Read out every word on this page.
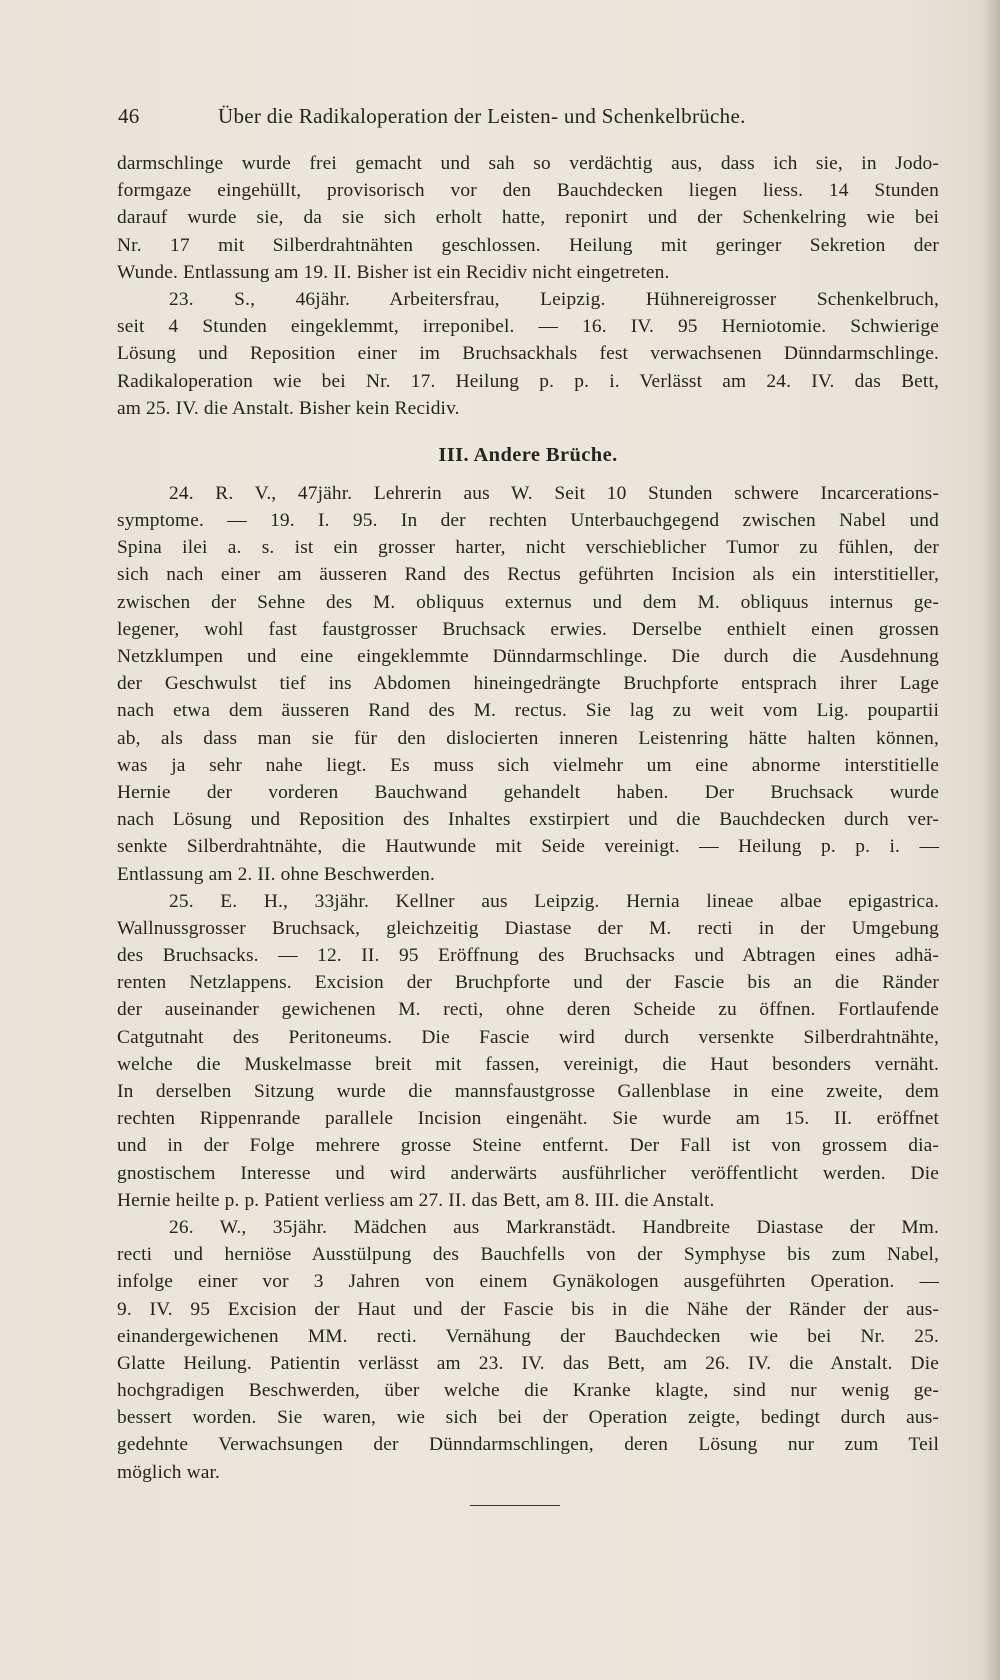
46	Über die Radikaloperation der Leisten- und Schenkelbrüche.
darmschlinge wurde frei gemacht und sah so verdächtig aus, dass ich sie, in Jodo-
formgaze eingehüllt, provisorisch vor den Bauchdecken liegen liess. 14 Stunden
darauf wurde sie, da sie sich erholt hatte, reponirt und der Schenkelring wie bei
Nr. 17 mit Silberdrahtnähten geschlossen. Heilung mit geringer Sekretion der
Wunde. Entlassung am 19. II. Bisher ist ein Recidiv nicht eingetreten.
23. S., 46jähr. Arbeitersfrau, Leipzig. Hühnereigrosser Schenkelbruch,
seit 4 Stunden eingeklemmt, irreponibel. — 16. IV. 95 Herniotomie. Schwierige
Lösung und Reposition einer im Bruchsackhals fest verwachsenen Dünndarmschlinge.
Radikaloperation wie bei Nr. 17. Heilung p. p. i. Verlässt am 24. IV. das Bett,
am 25. IV. die Anstalt. Bisher kein Recidiv.
III. Andere Brüche.
24. R. V., 47jähr. Lehrerin aus W. Seit 10 Stunden schwere Incarcerations-
symptome. — 19. I. 95. In der rechten Unterbauchgegend zwischen Nabel und
Spina ilei a. s. ist ein grosser harter, nicht verschieblicher Tumor zu fühlen, der
sich nach einer am äusseren Rand des Rectus geführten Incision als ein interstitieller,
zwischen der Sehne des M. obliquus externus und dem M. obliquus internus ge-
legener, wohl fast faustgrosser Bruchsack erwies. Derselbe enthielt einen grossen
Netzklumpen und eine eingeklemmte Dünndarmschlinge. Die durch die Ausdehnung
der Geschwulst tief ins Abdomen hineingedrängte Bruchpforte entsprach ihrer Lage
nach etwa dem äusseren Rand des M. rectus. Sie lag zu weit vom Lig. poupartii
ab, als dass man sie für den dislocierten inneren Leistenring hätte halten können,
was ja sehr nahe liegt. Es muss sich vielmehr um eine abnorme interstitielle
Hernie der vorderen Bauchwand gehandelt haben. Der Bruchsack wurde
nach Lösung und Reposition des Inhaltes exstirpiert und die Bauchdecken durch ver-
senkte Silberdrahtnähte, die Hautwunde mit Seide vereinigt. — Heilung p. p. i. —
Entlassung am 2. II. ohne Beschwerden.
25. E. H., 33jähr. Kellner aus Leipzig. Hernia lineae albae epigastrica.
Wallnussgrosser Bruchsack, gleichzeitig Diastase der M. recti in der Umgebung
des Bruchsacks. — 12. II. 95 Eröffnung des Bruchsacks und Abtragen eines adhä-
renten Netzlappens. Excision der Bruchpforte und der Fascie bis an die Ränder
der auseinander gewichenen M. recti, ohne deren Scheide zu öffnen. Fortlaufende
Catgutnaht des Peritoneums. Die Fascie wird durch versenkte Silberdrahtnähte,
welche die Muskelmasse breit mit fassen, vereinigt, die Haut besonders vernäht.
In derselben Sitzung wurde die mannsfaustgrosse Gallenblase in eine zweite, dem
rechten Rippenrande parallele Incision eingenäht. Sie wurde am 15. II. eröffnet
und in der Folge mehrere grosse Steine entfernt. Der Fall ist von grossem dia-
gnostischem Interesse und wird anderwärts ausführlicher veröffentlicht werden. Die
Hernie heilte p. p. Patient verliess am 27. II. das Bett, am 8. III. die Anstalt.
26. W., 35jähr. Mädchen aus Markranstädt. Handbreite Diastase der Mm.
recti und herniöse Ausstülpung des Bauchfells von der Symphyse bis zum Nabel,
infolge einer vor 3 Jahren von einem Gynäkologen ausgeführten Operation. —
9. IV. 95 Excision der Haut und der Fascie bis in die Nähe der Ränder der aus-
einandergewichenen MM. recti. Vernähung der Bauchdecken wie bei Nr. 25.
Glatte Heilung. Patientin verlässt am 23. IV. das Bett, am 26. IV. die Anstalt. Die
hochgradigen Beschwerden, über welche die Kranke klagte, sind nur wenig ge-
bessert worden. Sie waren, wie sich bei der Operation zeigte, bedingt durch aus-
gedehnte Verwachsungen der Dünndarmschlingen, deren Lösung nur zum Teil
möglich war.
